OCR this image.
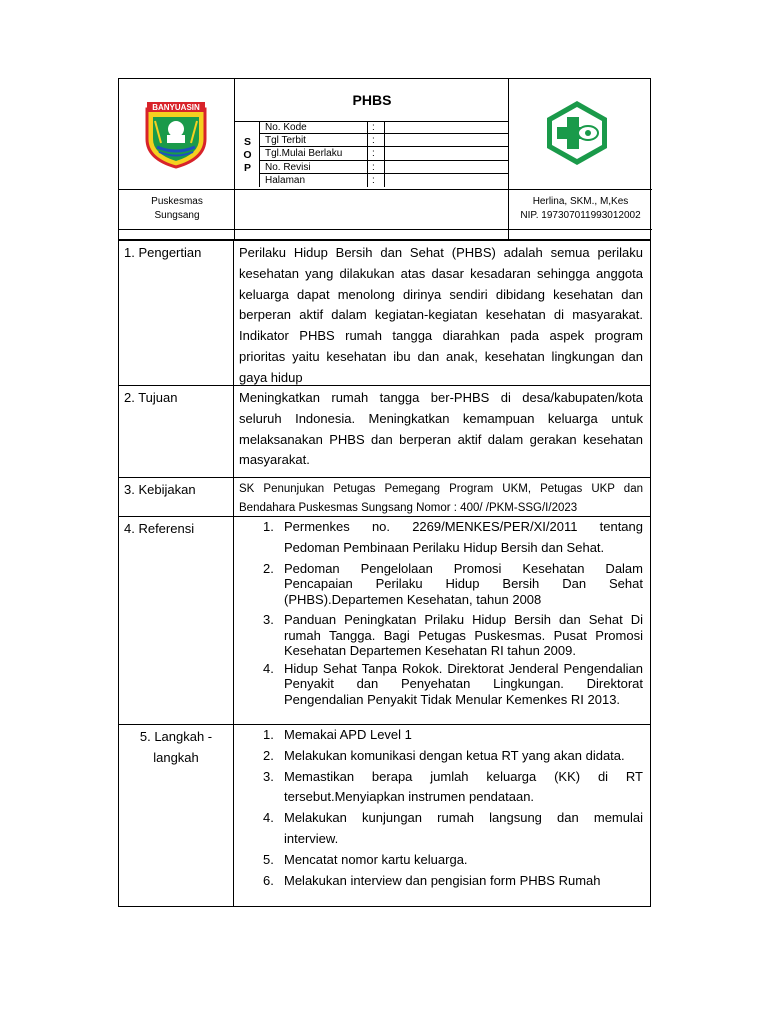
BANYUASIN	PHBS
S
O
P
No. Kode	:
Tgl Terbit	:
Tgl.Mulai Berlaku	:
No. Revisi	:
Halaman	:
Puskesmas
Sungsang
Herlina, SKM., M,Kes
NIP. 197307011993012002
1. Pengertian	Perilaku Hidup Bersih dan Sehat (PHBS) adalah semua perilaku kesehatan yang dilakukan atas dasar kesadaran sehingga anggota keluarga dapat menolong dirinya sendiri dibidang kesehatan dan berperan aktif dalam kegiatan-kegiatan kesehatan di masyarakat. Indikator PHBS rumah tangga diarahkan pada aspek program prioritas yaitu kesehatan ibu dan anak, kesehatan lingkungan dan gaya hidup
2. Tujuan	Meningkatkan rumah tangga ber-PHBS di desa/kabupaten/kota seluruh Indonesia. Meningkatkan kemampuan keluarga untuk melaksanakan PHBS dan berperan aktif dalam gerakan kesehatan masyarakat.
3. Kebijakan	SK Penunjukan Petugas Pemegang Program UKM, Petugas UKP dan Bendahara Puskesmas Sungsang Nomor : 400/ /PKM-SSG/I/2023
4. Referensi	1. Permenkes no. 2269/MENKES/PER/XI/2011 tentang Pedoman Pembinaan Perilaku Hidup Bersih dan Sehat.
2. Pedoman Pengelolaan Promosi Kesehatan Dalam Pencapaian Perilaku Hidup Bersih Dan Sehat (PHBS).Departemen Kesehatan, tahun 2008
3. Panduan Peningkatan Prilaku Hidup Bersih dan Sehat Di rumah Tangga. Bagi Petugas Puskesmas. Pusat Promosi Kesehatan Departemen Kesehatan RI tahun 2009.
4. Hidup Sehat Tanpa Rokok. Direktorat Jenderal Pengendalian Penyakit dan Penyehatan Lingkungan. Direktorat Pengendalian Penyakit Tidak Menular Kemenkes RI 2013.
5. Langkah -
langkah
1. Memakai APD Level 1
2. Melakukan komunikasi dengan ketua RT yang akan didata.
3. Memastikan berapa jumlah keluarga (KK) di RT tersebut.Menyiapkan instrumen pendataan.
4. Melakukan kunjungan rumah langsung dan memulai interview.
5. Mencatat nomor kartu keluarga.
6. Melakukan interview dan pengisian form PHBS Rumah
